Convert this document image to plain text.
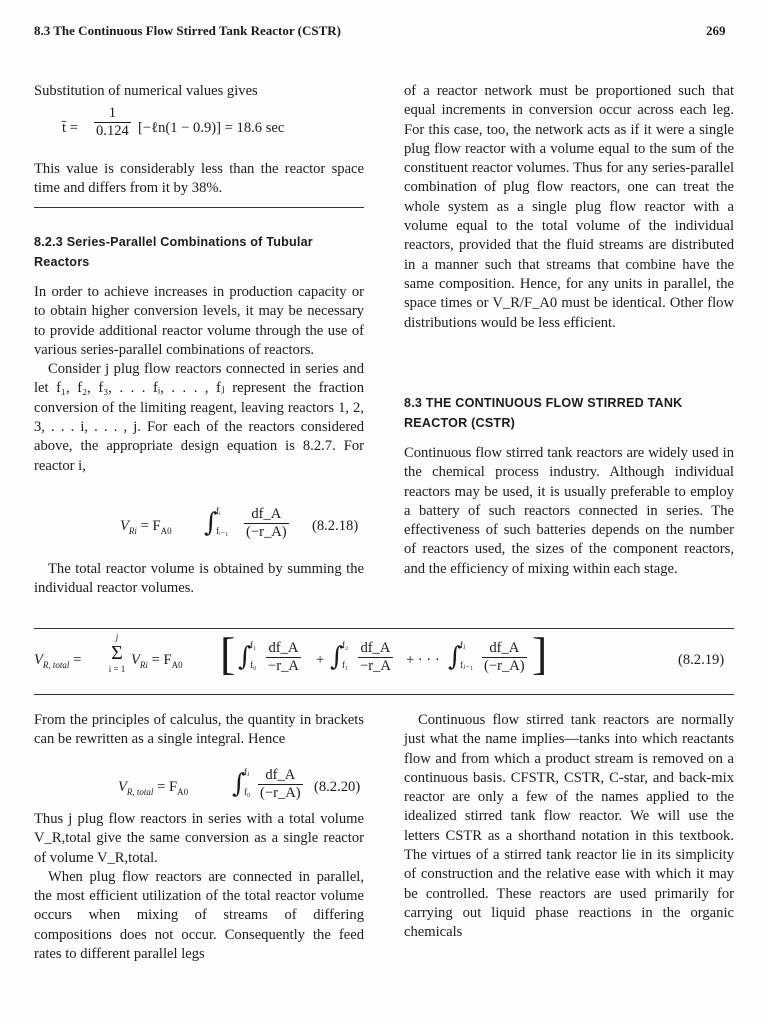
8.3 The Continuous Flow Stirred Tank Reactor (CSTR)	269

Substitution of numerical values gives

t̄ = $\frac{1}{0.124}$ [−ℓn(1 − 0.9)] = 18.6 sec

This value is considerably less than the reactor space time and differs from it by 38%.

8.2.3 Series-Parallel Combinations of Tubular Reactors

In order to achieve increases in production capacity or to obtain higher conversion levels, it may be necessary to provide additional reactor volume through the use of various series-parallel combinations of reactors.

Consider j plug flow reactors connected in series and let f₁, f₂, f₃, . . . fᵢ, . . . , fⱼ represent the fraction conversion of the limiting reagent, leaving reactors 1, 2, 3, . . . i, . . . , j. For each of the reactors considered above, the appropriate design equation is 8.2.7. For reactor i,

$V_{Ri} = F_{A0}$ ∫
fᵢ
fᵢ₋₁ $\frac{df\_A}{(-r\_A)} (8.2.18)$

The total reactor volume is obtained by summing the individual reactor volumes.

of a reactor network must be proportioned such that equal increments in conversion occur across each leg. For this case, too, the network acts as if it were a single plug flow reactor with a volume equal to the sum of the constituent reactor volumes. Thus for any series-parallel combination of plug flow reactors, one can treat the whole system as a single plug flow reactor with a volume equal to the total volume of the individual reactors, provided that the fluid streams are distributed in a manner such that streams that combine have the same composition. Hence, for any units in parallel, the space times or V_R/F_A0 must be identical. Other flow distributions would be less efficient.

8.3 THE CONTINUOUS FLOW STIRRED TANK REACTOR (CSTR)

Continuous flow stirred tank reactors are widely used in the chemical process industry. Although individual reactors may be used, it is usually preferable to employ a battery of such reactors connected in series. The effectiveness of such batteries depends on the number of reactors used, the sizes of the component reactors, and the efficiency of mixing within each stage.

$V_{R, total}$ =
j
Σ
i = 1
$V_{Ri} = F_{A0}$ [ ∫
f₁
$f_0 \frac{df\_A}{-r\_A}$ + ∫
f₂
$f_1 \frac{df\_A}{-r\_A}$ + · · · ∫
fⱼ
fⱼ₋₁ $\frac{df\_A}{(-r\_A)}$ ]	(8.2.19)

From the principles of calculus, the quantity in brackets can be rewritten as a single integral. Hence

$V_{R, total} = F_{A0}$ ∫
fⱼ
$f_0 \frac{df\_A}{(-r\_A)} (8.2.20)$

Thus j plug flow reactors in series with a total volume V_R,total give the same conversion as a single reactor of volume V_R,total.

When plug flow reactors are connected in parallel, the most efficient utilization of the total reactor volume occurs when mixing of streams of differing compositions does not occur. Consequently the feed rates to different parallel legs

Continuous flow stirred tank reactors are normally just what the name implies—tanks into which reactants flow and from which a product stream is removed on a continuous basis. CFSTR, CSTR, C-star, and back-mix reactor are only a few of the names applied to the idealized stirred tank flow reactor. We will use the letters CSTR as a shorthand notation in this textbook. The virtues of a stirred tank reactor lie in its simplicity of construction and the relative ease with which it may be controlled. These reactors are used primarily for carrying out liquid phase reactions in the organic chemicals
